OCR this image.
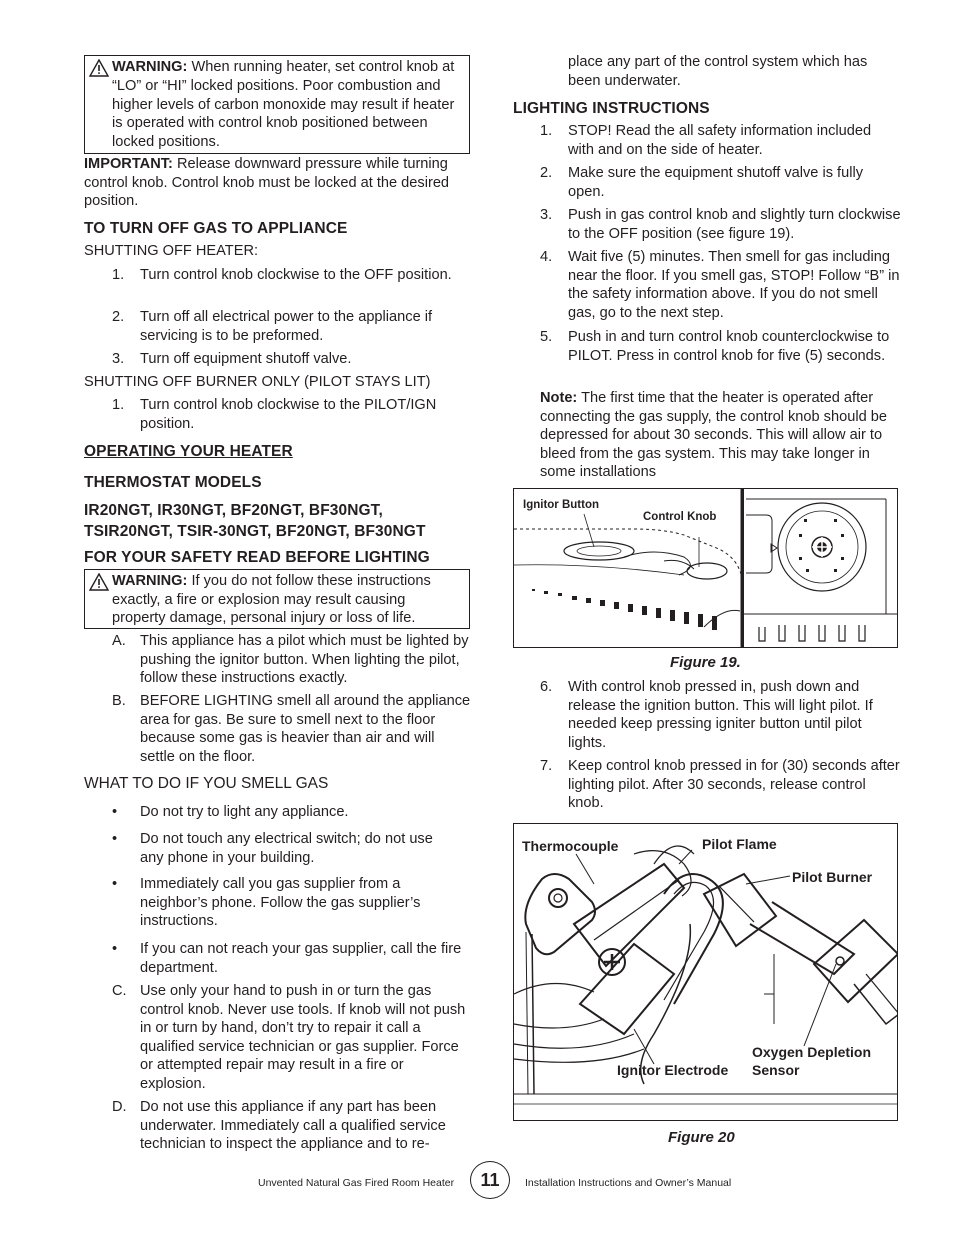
WARNING: When running heater, set control knob at “LO” or “HI” locked positions. Poor combustion and higher levels of carbon monoxide may result if heater is operated with control knob positioned between locked positions.
IMPORTANT: Release downward pressure while turning control knob. Control knob must be locked at the desired position.
TO TURN OFF GAS TO APPLIANCE
SHUTTING OFF HEATER:
1. Turn control knob clockwise to the OFF position.
2. Turn off all electrical power to the appliance if servicing is to be preformed.
3. Turn off equipment shutoff valve.
SHUTTING OFF BURNER ONLY (PILOT STAYS LIT)
1. Turn control knob clockwise to the PILOT/IGN position.
OPERATING YOUR HEATER
THERMOSTAT MODELS
IR20NGT, IR30NGT, BF20NGT, BF30NGT, TSIR20NGT, TSIR-30NGT, BF20NGT, BF30NGT
FOR YOUR SAFETY READ BEFORE LIGHTING
WARNING: If you do not follow these instructions exactly, a fire or explosion may result causing property damage, personal injury or loss of life.
A. This appliance has a pilot which must be lighted by pushing the ignitor button. When lighting the pilot, follow these instructions exactly.
B. BEFORE LIGHTING smell all around the appliance area for gas. Be sure to smell next to the floor because some gas is heavier than air and will settle on the floor.
WHAT TO DO IF YOU SMELL GAS
• Do not try to light any appliance.
• Do not touch any electrical switch; do not use any phone in your building.
• Immediately call you gas supplier from a neighbor’s phone. Follow the gas supplier’s instructions.
• If you can not reach your gas supplier, call the fire department.
C. Use only your hand to push in or turn the gas control knob. Never use tools. If knob will not push in or turn by hand, don’t try to repair it call a qualified service technician or gas supplier. Force or attempted repair may result in a fire or explosion.
D. Do not use this appliance if any part has been underwater. Immediately call a qualified service technician to inspect the appliance and to re-
place any part of the control system which has been underwater.
LIGHTING INSTRUCTIONS
1. STOP! Read the all safety information included with and on the side of heater.
2. Make sure the equipment shutoff valve is fully open.
3. Push in gas control knob and slightly turn clockwise to the OFF position (see figure 19).
4. Wait five (5) minutes. Then smell for gas including near the floor. If you smell gas, STOP! Follow “B” in the safety information above. If you do not smell gas, go to the next step.
5. Push in and turn control knob counterclockwise to PILOT. Press in control knob for five (5) seconds.
Note: The first time that the heater is operated after connecting the gas supply, the control knob should be depressed for about 30 seconds. This will allow air to bleed from the gas system. This may take longer in some installations
Ignitor Button
Control Knob
Figure 19.
6. With control knob pressed in, push down and release the ignition button. This will light pilot. If needed keep pressing igniter button until pilot lights.
7. Keep control knob pressed in for (30) seconds after lighting pilot. After 30 seconds, release control knob.
Thermocouple	Pilot Flame
Pilot Burner
Ignitor Electrode
Oxygen Depletion
Sensor
Figure 20
Unvented Natural Gas Fired Room Heater	11	Installation Instructions and Owner’s Manual
